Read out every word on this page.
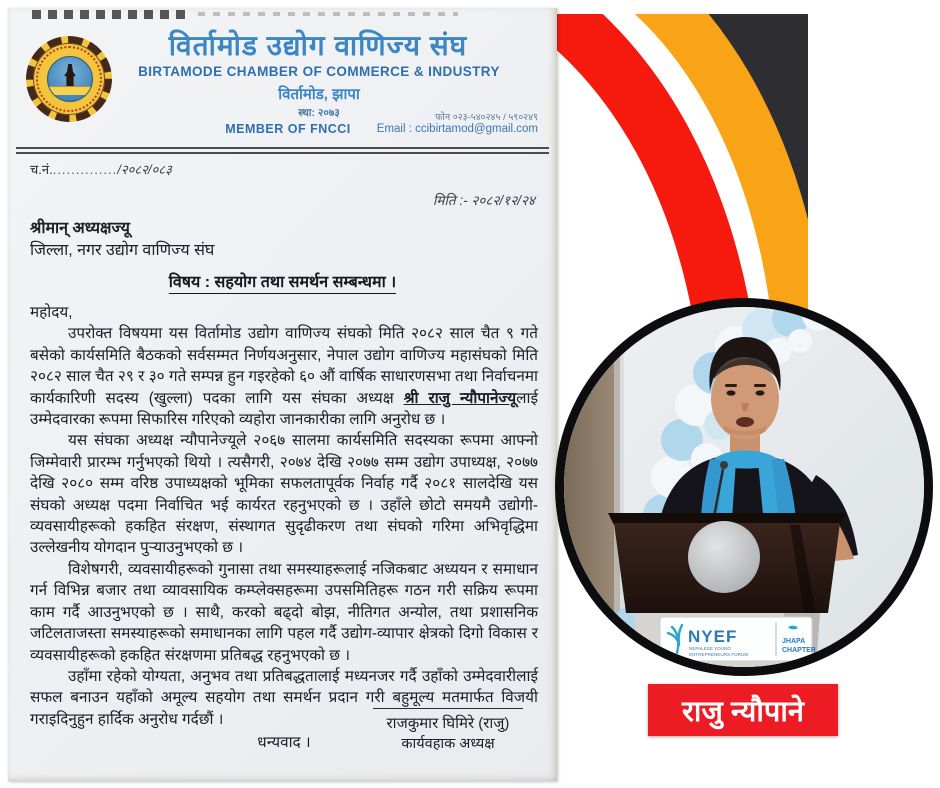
विर्तामोड उद्योग वाणिज्य संघ
BIRTAMODE CHAMBER OF COMMERCE & INDUSTRY
विर्तामोड, झापा
स्था: २०७३
MEMBER OF FNCCI
फोन ०२३-५४०२४५ / ५९०२४९
Email : ccibirtamod@gmail.com
च.नं.............../२०८२/०८३
मिति :- २०८२/१२/२४
श्रीमान् अध्यक्षज्यू
जिल्ला, नगर उद्योग वाणिज्य संघ
विषय : सहयोग तथा समर्थन सम्बन्धमा ।

महोदय,

उपरोक्त विषयमा यस विर्तामोड उद्योग वाणिज्य संघको मिति २०८२ साल चैत ९ गते बसेको कार्यसमिति बैठकको सर्वसम्मत निर्णयअनुसार, नेपाल उद्योग वाणिज्य महासंघको मिति २०८२ साल चैत २९ र ३० गते सम्पन्न हुन गइरहेको ६० औं वार्षिक साधारणसभा तथा निर्वाचनमा कार्यकारिणी सदस्य (खुल्ला) पदका लागि यस संघका अध्यक्ष श्री राजु न्यौपानेज्यूलाई उम्मेदवारका रूपमा सिफारिस गरिएको व्यहोरा जानकारीका लागि अनुरोध छ ।

यस संघका अध्यक्ष न्यौपानेज्यूले २०६७ सालमा कार्यसमिति सदस्यका रूपमा आफ्नो जिम्मेवारी प्रारम्भ गर्नुभएको थियो । त्यसैगरी, २०७४ देखि २०७७ सम्म उद्योग उपाध्यक्ष, २०७७ देखि २०८० सम्म वरिष्ठ उपाध्यक्षको भूमिका सफलतापूर्वक निर्वाह गर्दै २०८१ सालदेखि यस संघको अध्यक्ष पदमा निर्वाचित भई कार्यरत रहनुभएको छ । उहाँले छोटो समयमै उद्योगी-व्यवसायीहरूको हकहित संरक्षण, संस्थागत सुदृढीकरण तथा संघको गरिमा अभिवृद्धिमा उल्लेखनीय योगदान पुर्‍याउनुभएको छ ।

विशेषगरी, व्यवसायीहरूको गुनासा तथा समस्याहरूलाई नजिकबाट अध्ययन र समाधान गर्न विभिन्न बजार तथा व्यावसायिक कम्प्लेक्सहरूमा उपसमितिहरू गठन गरी सक्रिय रूपमा काम गर्दै आउनुभएको छ । साथै, करको बढ्दो बोझ, नीतिगत अन्योल, तथा प्रशासनिक जटिलताजस्ता समस्याहरूको समाधानका लागि पहल गर्दै उद्योग-व्यापार क्षेत्रको दिगो विकास र व्यवसायीहरूको हकहित संरक्षणमा प्रतिबद्ध रहनुभएको छ ।

उहाँमा रहेको योग्यता, अनुभव तथा प्रतिबद्धतालाई मध्यनजर गर्दै उहाँको उम्मेदवारीलाई सफल बनाउन यहाँको अमूल्य सहयोग तथा समर्थन प्रदान गरी बहुमूल्य मतमार्फत विजयी गराइदिनुहुन हार्दिक अनुरोध गर्दछौं ।

धन्यवाद ।

राजकुमार घिमिरे (राजु)
कार्यवहाक अध्यक्ष
NYEF
NEPALESE YOUNG
ENTREPRENEURS FORUM
JHAPA
CHAPTER
राजु न्यौपाने
